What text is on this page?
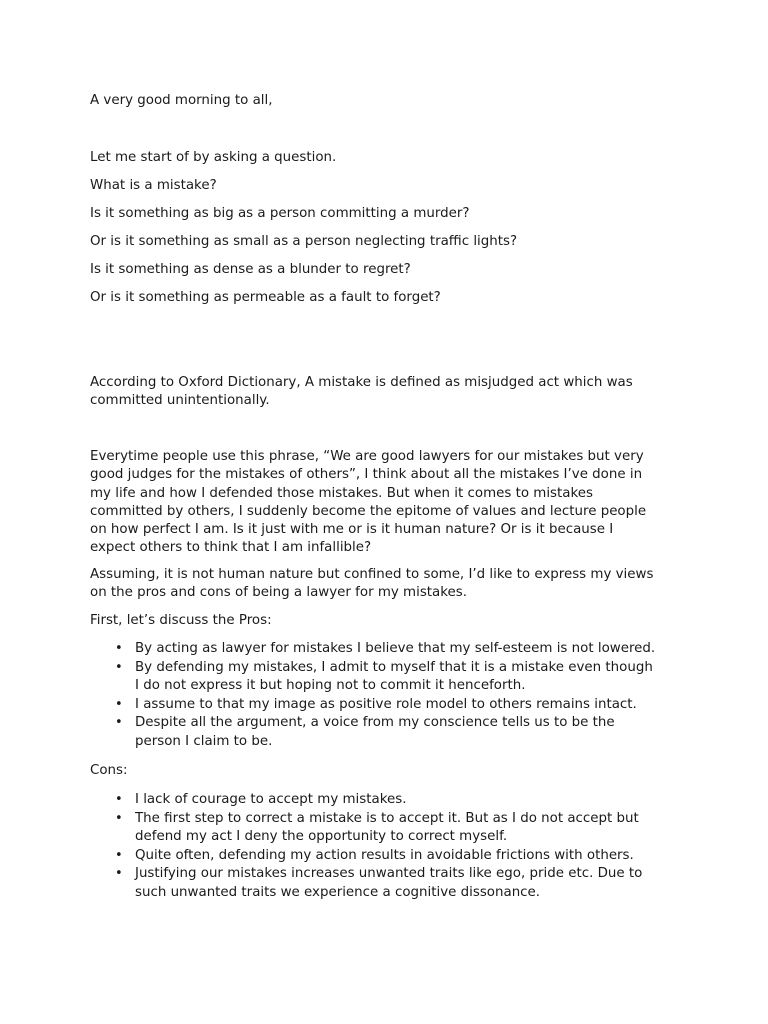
A very good morning to all,
Let me start of by asking a question.
What is a mistake?
Is it something as big as a person committing a murder?
Or is it something as small as a person neglecting traffic lights?
Is it something as dense as a blunder to regret?
Or is it something as permeable as a fault to forget?
According to Oxford Dictionary, A mistake is defined as misjudged act which was
committed unintentionally.
Everytime people use this phrase, “We are good lawyers for our mistakes but very
good judges for the mistakes of others”, I think about all the mistakes I’ve done in
my life and how I defended those mistakes. But when it comes to mistakes
committed by others, I suddenly become the epitome of values and lecture people
on how perfect I am. Is it just with me or is it human nature? Or is it because I
expect others to think that I am infallible?
Assuming, it is not human nature but confined to some, I’d like to express my views
on the pros and cons of being a lawyer for my mistakes.
First, let’s discuss the Pros:
• By acting as lawyer for mistakes I believe that my self-esteem is not lowered.
• By defending my mistakes, I admit to myself that it is a mistake even though
I do not express it but hoping not to commit it henceforth.
• I assume to that my image as positive role model to others remains intact.
• Despite all the argument, a voice from my conscience tells us to be the
person I claim to be.
Cons:
• I lack of courage to accept my mistakes.
• The first step to correct a mistake is to accept it. But as I do not accept but
defend my act I deny the opportunity to correct myself.
• Quite often, defending my action results in avoidable frictions with others.
• Justifying our mistakes increases unwanted traits like ego, pride etc. Due to
such unwanted traits we experience a cognitive dissonance.
